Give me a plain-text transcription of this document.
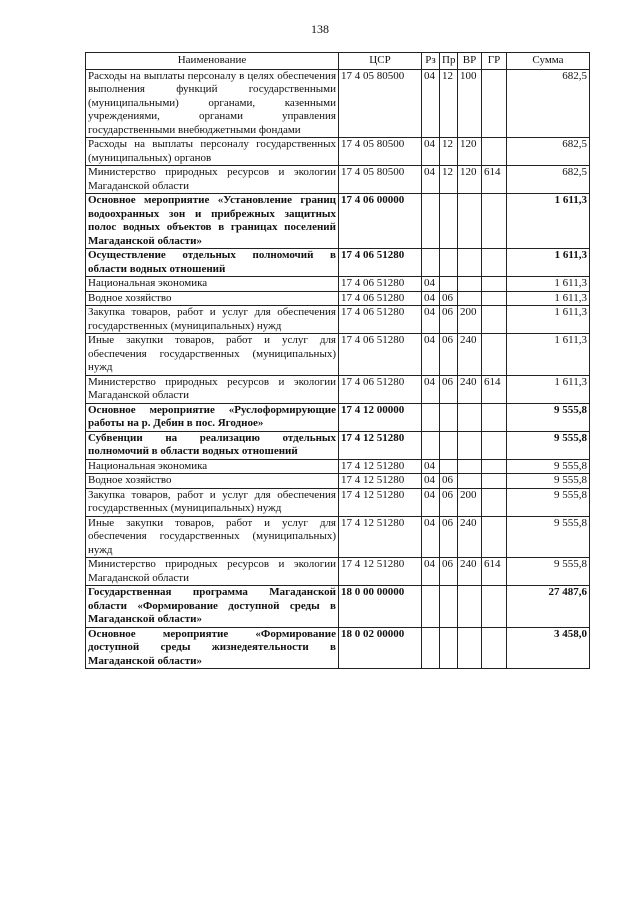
138
Наименование	ЦСР	Рз	Пр	ВР	ГР	Сумма
Расходы на выплаты персоналу в целях обеспечения выполнения функций государственными (муниципальными) органами, казенными учреждениями, органами управления государственными внебюджетными фондами	17 4 05 80500	04	12	100		682,5
Расходы на выплаты персоналу государственных (муниципальных) органов	17 4 05 80500	04	12	120		682,5
Министерство природных ресурсов и экологии Магаданской области	17 4 05 80500	04	12	120	614	682,5
Основное мероприятие «Установление границ водоохранных зон и прибрежных защитных полос водных объектов в границах поселений Магаданской области»	17 4 06 00000					1 611,3
Осуществление отдельных полномочий в области водных отношений	17 4 06 51280					1 611,3
Национальная экономика	17 4 06 51280	04				1 611,3
Водное хозяйство	17 4 06 51280	04	06			1 611,3
Закупка товаров, работ и услуг для обеспечения государственных (муниципальных) нужд	17 4 06 51280	04	06	200		1 611,3
Иные закупки товаров, работ и услуг для обеспечения государственных (муниципальных) нужд	17 4 06 51280	04	06	240		1 611,3
Министерство природных ресурсов и экологии Магаданской области	17 4 06 51280	04	06	240	614	1 611,3
Основное мероприятие «Руслоформирующие работы на р. Дебин в пос. Ягодное»	17 4 12 00000					9 555,8
Субвенции на реализацию отдельных полномочий в области водных отношений	17 4 12 51280					9 555,8
Национальная экономика	17 4 12 51280	04				9 555,8
Водное хозяйство	17 4 12 51280	04	06			9 555,8
Закупка товаров, работ и услуг для обеспечения государственных (муниципальных) нужд	17 4 12 51280	04	06	200		9 555,8
Иные закупки товаров, работ и услуг для обеспечения государственных (муниципальных) нужд	17 4 12 51280	04	06	240		9 555,8
Министерство природных ресурсов и экологии Магаданской области	17 4 12 51280	04	06	240	614	9 555,8
Государственная программа Магаданской области «Формирование доступной среды в Магаданской области»	18 0 00 00000					27 487,6
Основное мероприятие «Формирование доступной среды жизнедеятельности в Магаданской области»	18 0 02 00000					3 458,0
